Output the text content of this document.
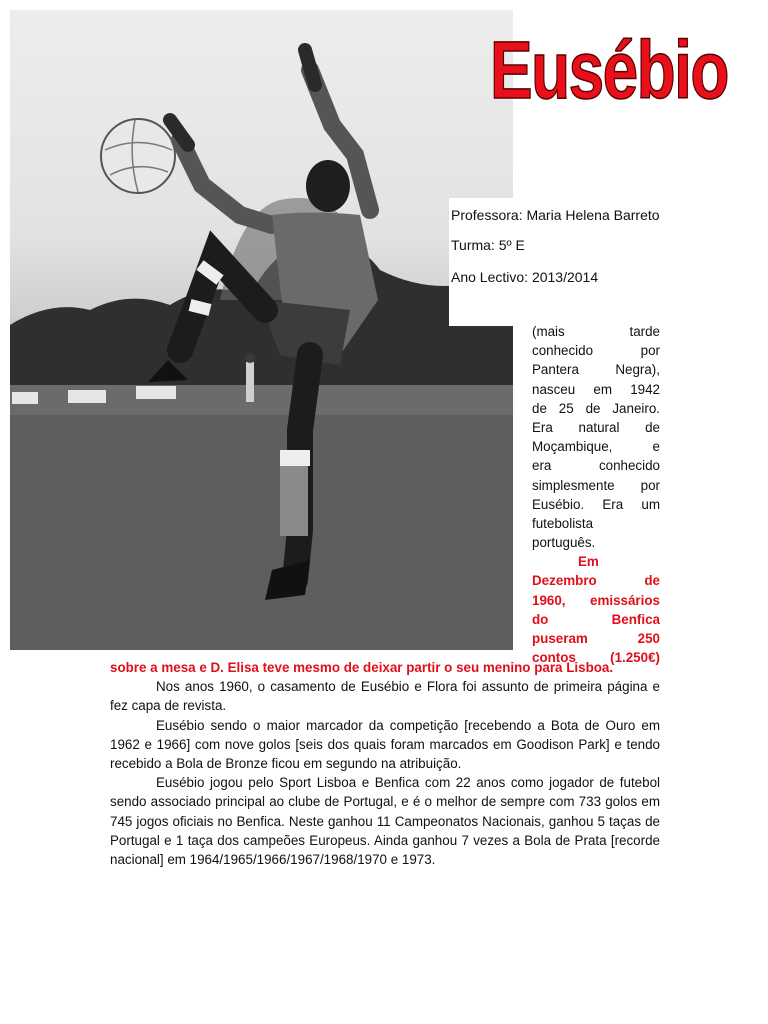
Eusébio

Professora: Maria Helena Barreto

Turma: 5º E

Ano Lectivo: 2013/2014

(mais tarde
conhecido por
Pantera Negra),
nasceu em 1942
de 25 de Janeiro.
Era natural de
Moçambique, e
era conhecido
simplesmente por
Eusébio. Era um
futebolista
português.
Em
Dezembro de
1960, emissários
do Benfica
puseram 250
contos (1.250€)

sobre a mesa e D. Elisa teve mesmo de deixar partir o seu menino para Lisboa.

Nos anos 1960, o casamento de Eusébio e Flora foi assunto de primeira página e fez capa de revista.

Eusébio sendo o maior marcador da competição [recebendo a Bota de Ouro em 1962 e 1966] com nove golos [seis dos quais foram marcados em Goodison Park] e tendo recebido a Bola de Bronze ficou em segundo na atribuição.

Eusébio jogou pelo Sport Lisboa e Benfica com 22 anos como jogador de futebol sendo associado principal ao clube de Portugal, e é o melhor de sempre com 733 golos em 745 jogos oficiais no Benfica. Neste ganhou 11 Campeonatos Nacionais, ganhou 5 taças de Portugal e 1 taça dos campeões Europeus. Ainda ganhou 7 vezes a Bola de Prata [recorde nacional] em 1964/1965/1966/1967/1968/1970 e 1973.
